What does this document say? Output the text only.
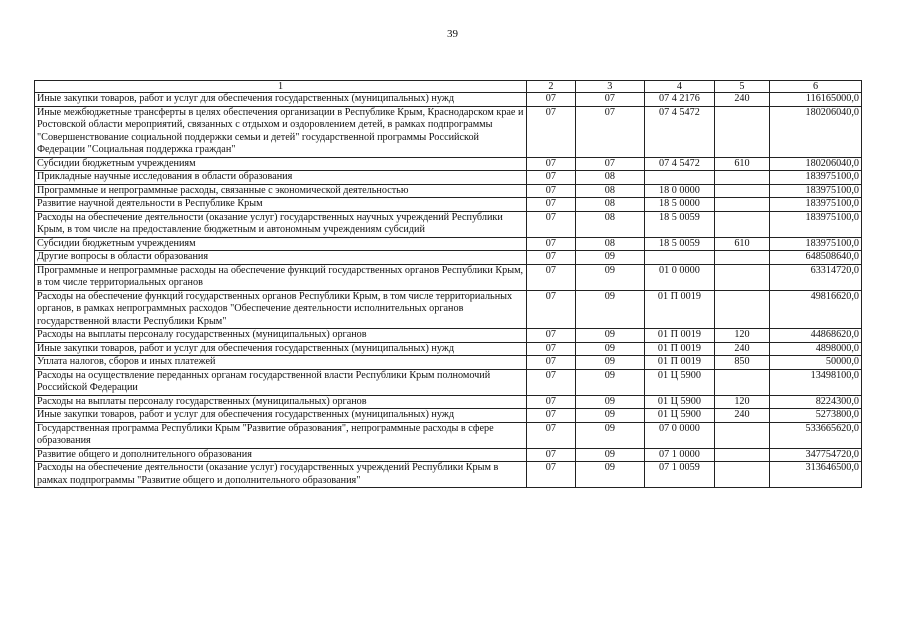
39
1	2	3	4	5	6
Иные закупки товаров, работ и услуг для обеспечения государственных (муниципальных) нужд	07	07	07 4 2176	240	116165000,0
Иные межбюджетные трансферты в целях обеспечения организации в Республике Крым, Краснодарском крае и Ростовской области мероприятий, связанных с отдыхом и оздоровлением детей, в рамках подпрограммы "Совершенствование социальной поддержки семьи и детей" государственной программы Российской Федерации "Социальная поддержка граждан"	07	07	07 4 5472		180206040,0
Субсидии бюджетным учреждениям	07	07	07 4 5472	610	180206040,0
Прикладные научные исследования в области образования	07	08			183975100,0
Программные и непрограммные расходы, связанные с экономической деятельностью	07	08	18 0 0000		183975100,0
Развитие научной деятельности в Республике Крым	07	08	18 5 0000		183975100,0
Расходы на обеспечение деятельности (оказание услуг) государственных научных учреждений Республики Крым, в том числе на предоставление бюджетным и автономным учреждениям субсидий	07	08	18 5 0059		183975100,0
Субсидии бюджетным учреждениям	07	08	18 5 0059	610	183975100,0
Другие вопросы в области образования	07	09			648508640,0
Программные и непрограммные расходы на обеспечение функций государственных органов Республики Крым, в том числе территориальных органов	07	09	01 0 0000		63314720,0
Расходы на обеспечение функций государственных органов Республики Крым, в том числе территориальных органов, в рамках непрограммных расходов "Обеспечение деятельности исполнительных органов государственной власти Республики Крым"	07	09	01 П 0019		49816620,0
Расходы на выплаты персоналу государственных (муниципальных) органов	07	09	01 П 0019	120	44868620,0
Иные закупки товаров, работ и услуг для обеспечения государственных (муниципальных) нужд	07	09	01 П 0019	240	4898000,0
Уплата налогов, сборов и иных платежей	07	09	01 П 0019	850	50000,0
Расходы на осуществление переданных органам государственной власти Республики Крым полномочий Российской Федерации	07	09	01 Ц 5900		13498100,0
Расходы на выплаты персоналу государственных (муниципальных) органов	07	09	01 Ц 5900	120	8224300,0
Иные закупки товаров, работ и услуг для обеспечения государственных (муниципальных) нужд	07	09	01 Ц 5900	240	5273800,0
Государственная программа Республики Крым "Развитие образования", непрограммные расходы в сфере образования	07	09	07 0 0000		533665620,0
Развитие общего и дополнительного образования	07	09	07 1 0000		347754720,0
Расходы на обеспечение деятельности (оказание услуг) государственных учреждений Республики Крым в рамках подпрограммы "Развитие общего и дополнительного образования"	07	09	07 1 0059		313646500,0
